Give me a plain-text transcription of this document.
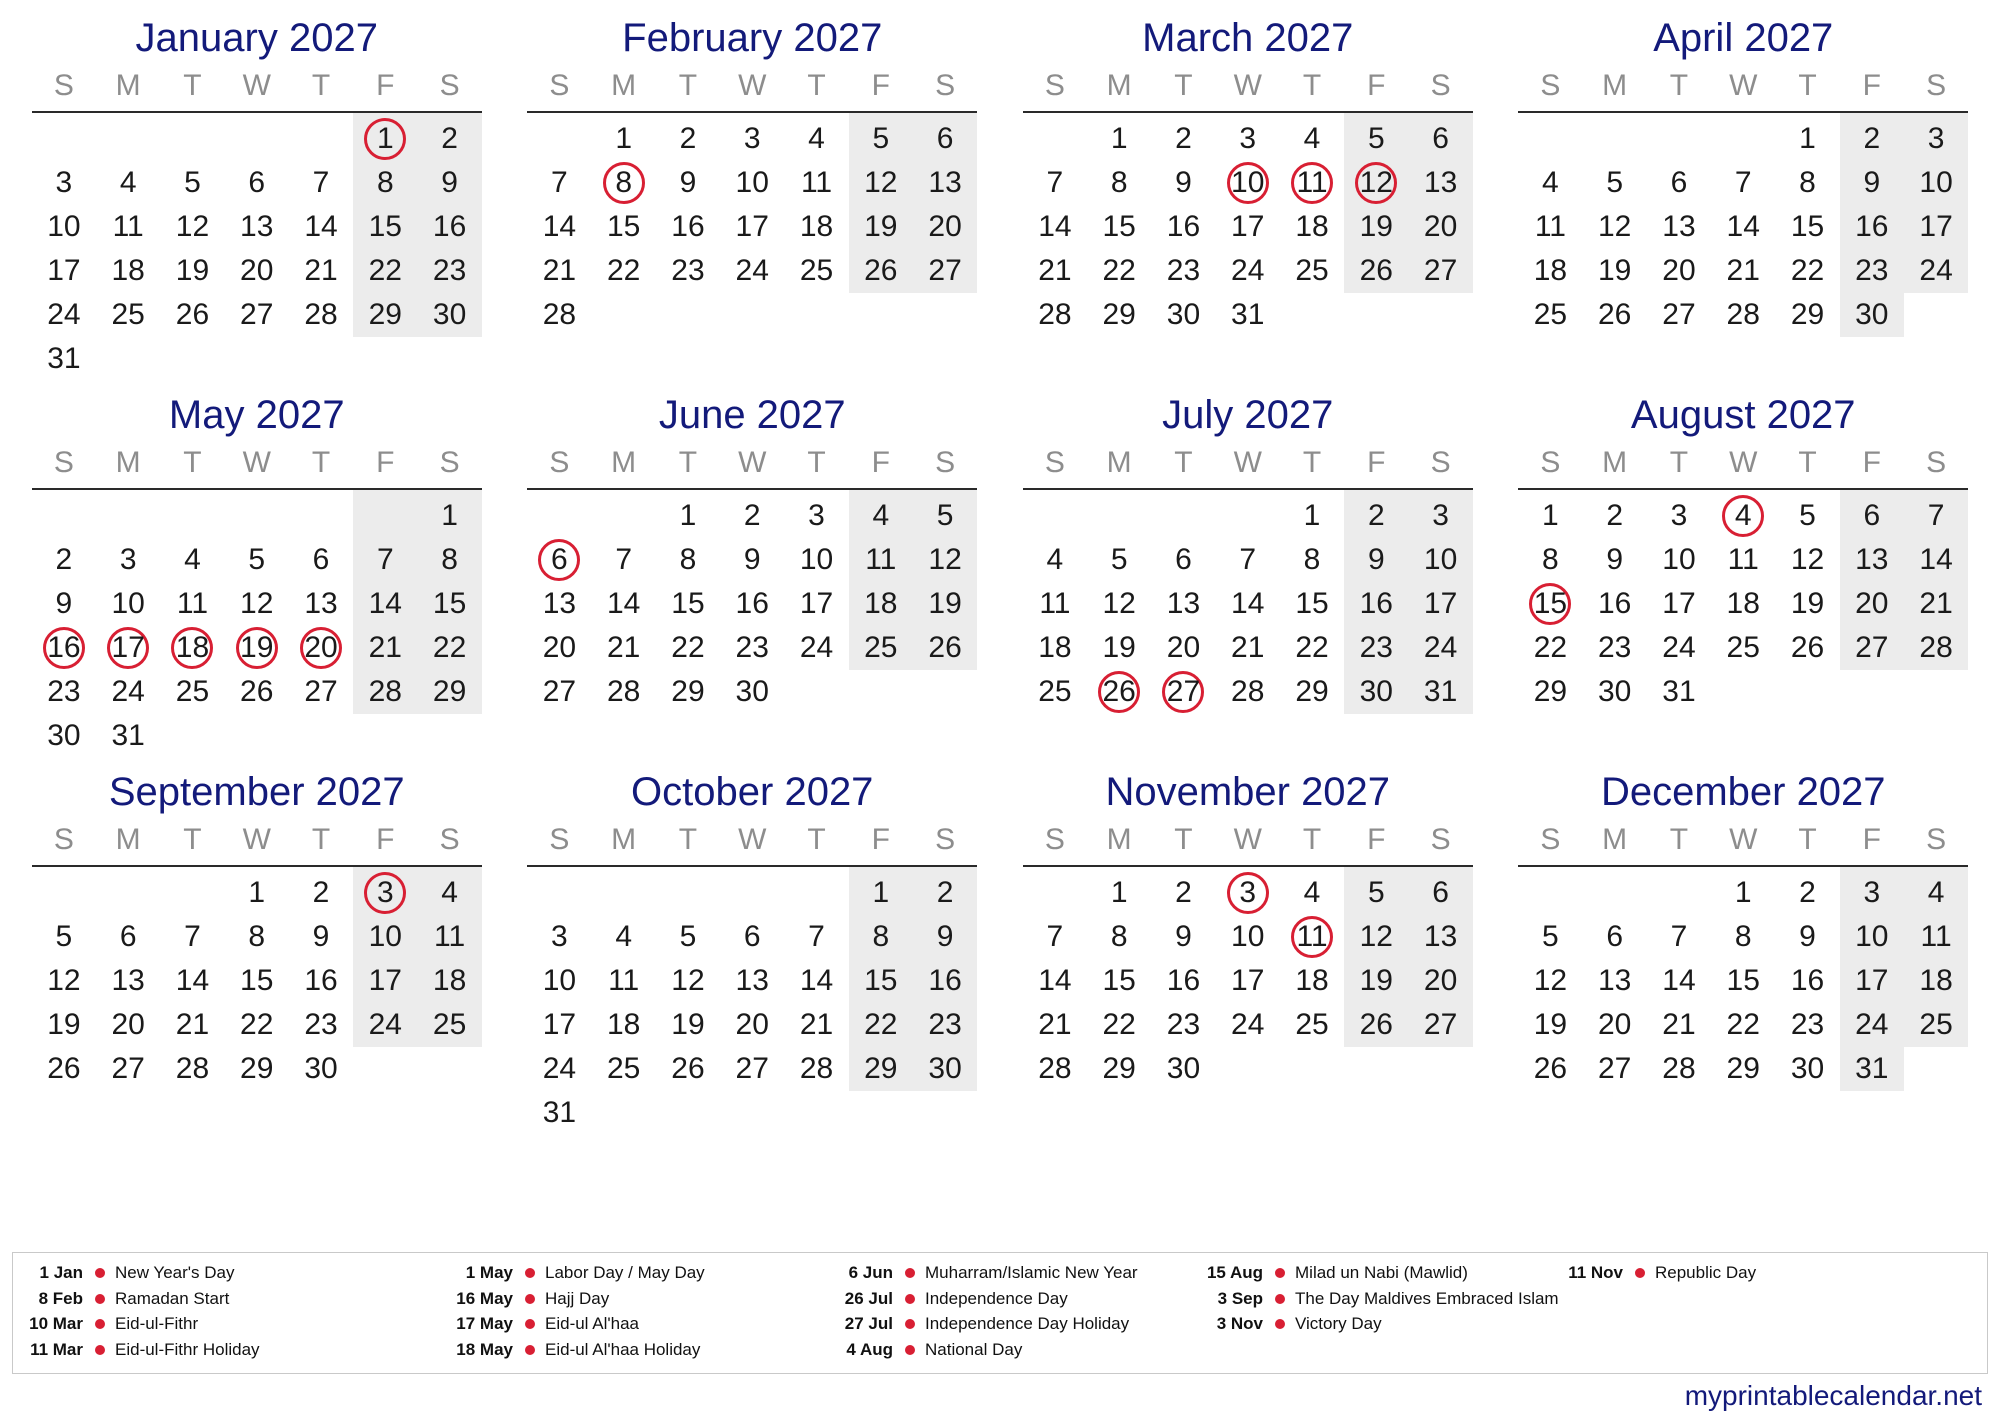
January 2027
S	M	T	W	T	F	S
					1	2
3	4	5	6	7	8	9
10	11	12	13	14	15	16
17	18	19	20	21	22	23
24	25	26	27	28	29	30
31						
February 2027
S	M	T	W	T	F	S
	1	2	3	4	5	6
7	8	9	10	11	12	13
14	15	16	17	18	19	20
21	22	23	24	25	26	27
28						
March 2027
S	M	T	W	T	F	S
	1	2	3	4	5	6
7	8	9	10	11	12	13
14	15	16	17	18	19	20
21	22	23	24	25	26	27
28	29	30	31			
April 2027
S	M	T	W	T	F	S
				1	2	3
4	5	6	7	8	9	10
11	12	13	14	15	16	17
18	19	20	21	22	23	24
25	26	27	28	29	30	
May 2027
S	M	T	W	T	F	S
						1
2	3	4	5	6	7	8
9	10	11	12	13	14	15
16	17	18	19	20	21	22
23	24	25	26	27	28	29
30	31					
June 2027
S	M	T	W	T	F	S
		1	2	3	4	5
6	7	8	9	10	11	12
13	14	15	16	17	18	19
20	21	22	23	24	25	26
27	28	29	30			
July 2027
S	M	T	W	T	F	S
				1	2	3
4	5	6	7	8	9	10
11	12	13	14	15	16	17
18	19	20	21	22	23	24
25	26	27	28	29	30	31
August 2027
S	M	T	W	T	F	S
1	2	3	4	5	6	7
8	9	10	11	12	13	14
15	16	17	18	19	20	21
22	23	24	25	26	27	28
29	30	31				
September 2027
S	M	T	W	T	F	S
			1	2	3	4
5	6	7	8	9	10	11
12	13	14	15	16	17	18
19	20	21	22	23	24	25
26	27	28	29	30		
October 2027
S	M	T	W	T	F	S
					1	2
3	4	5	6	7	8	9
10	11	12	13	14	15	16
17	18	19	20	21	22	23
24	25	26	27	28	29	30
31						
November 2027
S	M	T	W	T	F	S
	1	2	3	4	5	6
7	8	9	10	11	12	13
14	15	16	17	18	19	20
21	22	23	24	25	26	27
28	29	30				
December 2027
S	M	T	W	T	F	S
			1	2	3	4
5	6	7	8	9	10	11
12	13	14	15	16	17	18
19	20	21	22	23	24	25
26	27	28	29	30	31	
1 Jan New Year's Day
8 Feb Ramadan Start
10 Mar Eid-ul-Fithr
11 Mar Eid-ul-Fithr Holiday
1 May Labor Day / May Day
16 May Hajj Day
17 May Eid-ul Al'haa
18 May Eid-ul Al'haa Holiday
6 Jun Muharram/Islamic New Year
26 Jul Independence Day
27 Jul Independence Day Holiday
4 Aug National Day
15 Aug Milad un Nabi (Mawlid)
3 Sep The Day Maldives Embraced Islam
3 Nov Victory Day
11 Nov Republic Day
myprintablecalendar.net
